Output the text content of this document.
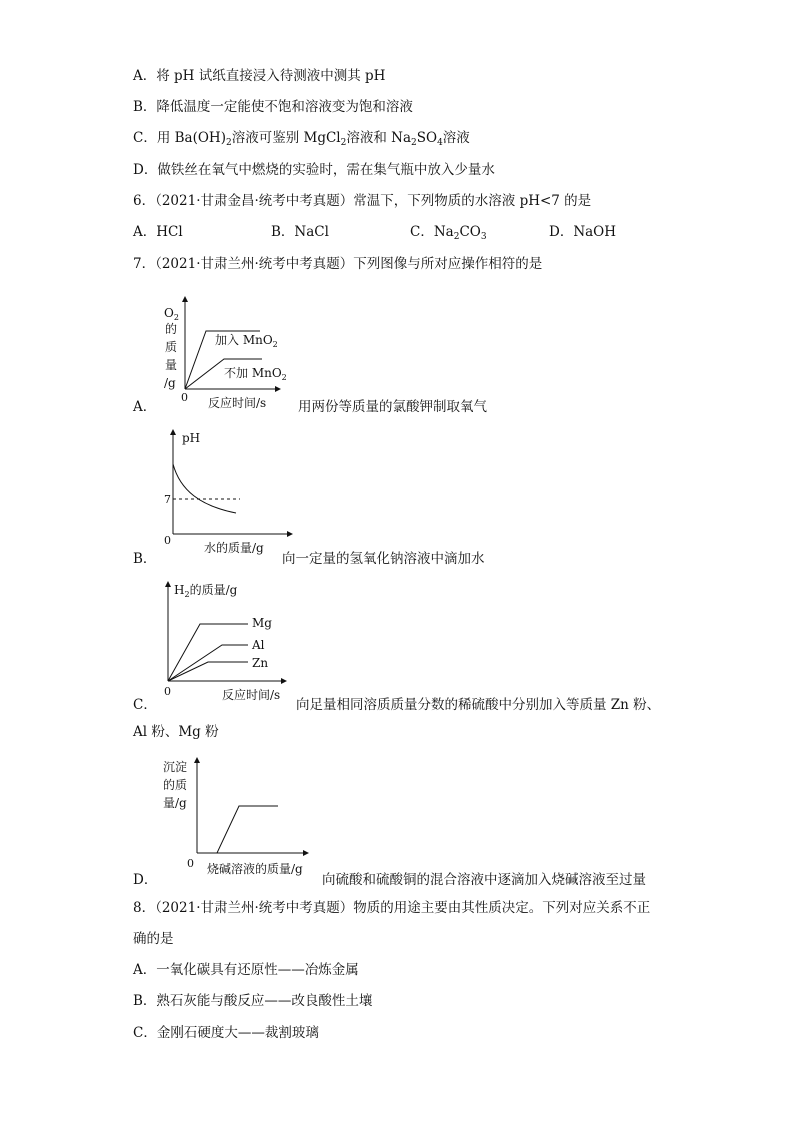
A．将 pH 试纸直接浸入待测液中测其 pH
B．降低温度一定能使不饱和溶液变为饱和溶液
C．用 $Ba(OH)_2$溶液可鉴别 MgCl$_2$溶液和 $Na_2SO_4$溶液
D．做铁丝在氧气中燃烧的实验时，需在集气瓶中放入少量水
6．（2021·甘肃金昌·统考中考真题）常温下，下列物质的水溶液 pH<7 的是
A．HCl	B．NaCl	C．$Na_2CO_3$	D．NaOH
7．（2021·甘肃兰州·统考中考真题）下列图像与所对应操作相符的是
$O_2$
的
质
量
/g
0 反应时间/s
加入 MnO$_2$
不加 MnO$_2$
A．	用两份等质量的氯酸钾制取氧气
pH
7
0
水的质量/g
B．	向一定量的氢氧化钠溶液中滴加水
$H_2$的质量/g
Mg
Al
Zn
0	反应时间/s
C．	向足量相同溶质质量分数的稀硫酸中分别加入等质量 Zn 粉、
Al 粉、Mg 粉
沉淀
的质
量/g
0 烧碱溶液的质量/g
D．	向硫酸和硫酸铜的混合溶液中逐滴加入烧碱溶液至过量
8．（2021·甘肃兰州·统考中考真题）物质的用途主要由其性质决定。下列对应关系不正
确的是
A．一氧化碳具有还原性——冶炼金属
B．熟石灰能与酸反应——改良酸性土壤
C．金刚石硬度大——裁割玻璃
